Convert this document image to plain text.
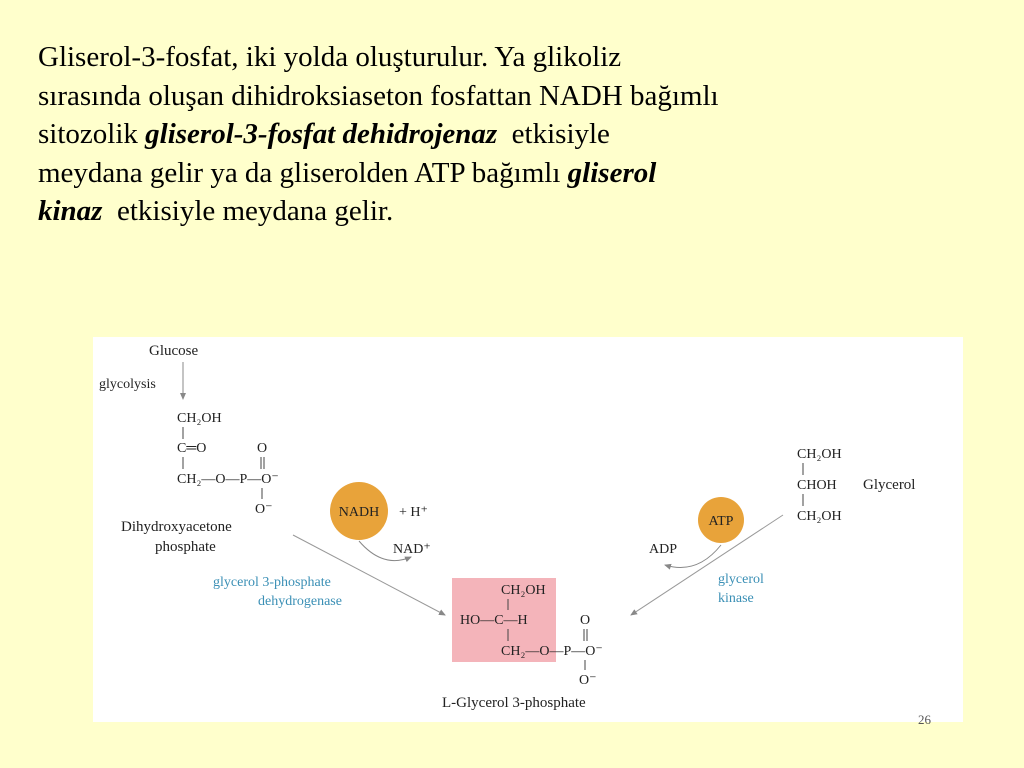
Gliserol-3-fosfat, iki yolda oluşturulur. Ya glikoliz
sırasında oluşan dihidroksiaseton fosfattan NADH bağımlı
sitozolik gliserol-3-fosfat dehidrojenaz  etkisiyle
meydana gelir ya da gliserolden ATP bağımlı gliserol
kinaz  etkisiyle meydana gelir.
Glucose
glycolysis
CH₂OH
C═O
CH₂—O—P—O⁻
O
O⁻
Dihydroxyacetone
phosphate
NADH + H⁺
NAD⁺
glycerol 3-phosphate
dehydrogenase
CH₂OH
CHOH
CH₂OH
Glycerol
ATP
ADP
glycerol
kinase
CH₂OH
HO—C—H
CH₂—O—P—O⁻
O
O⁻
L-Glycerol 3-phosphate
26
